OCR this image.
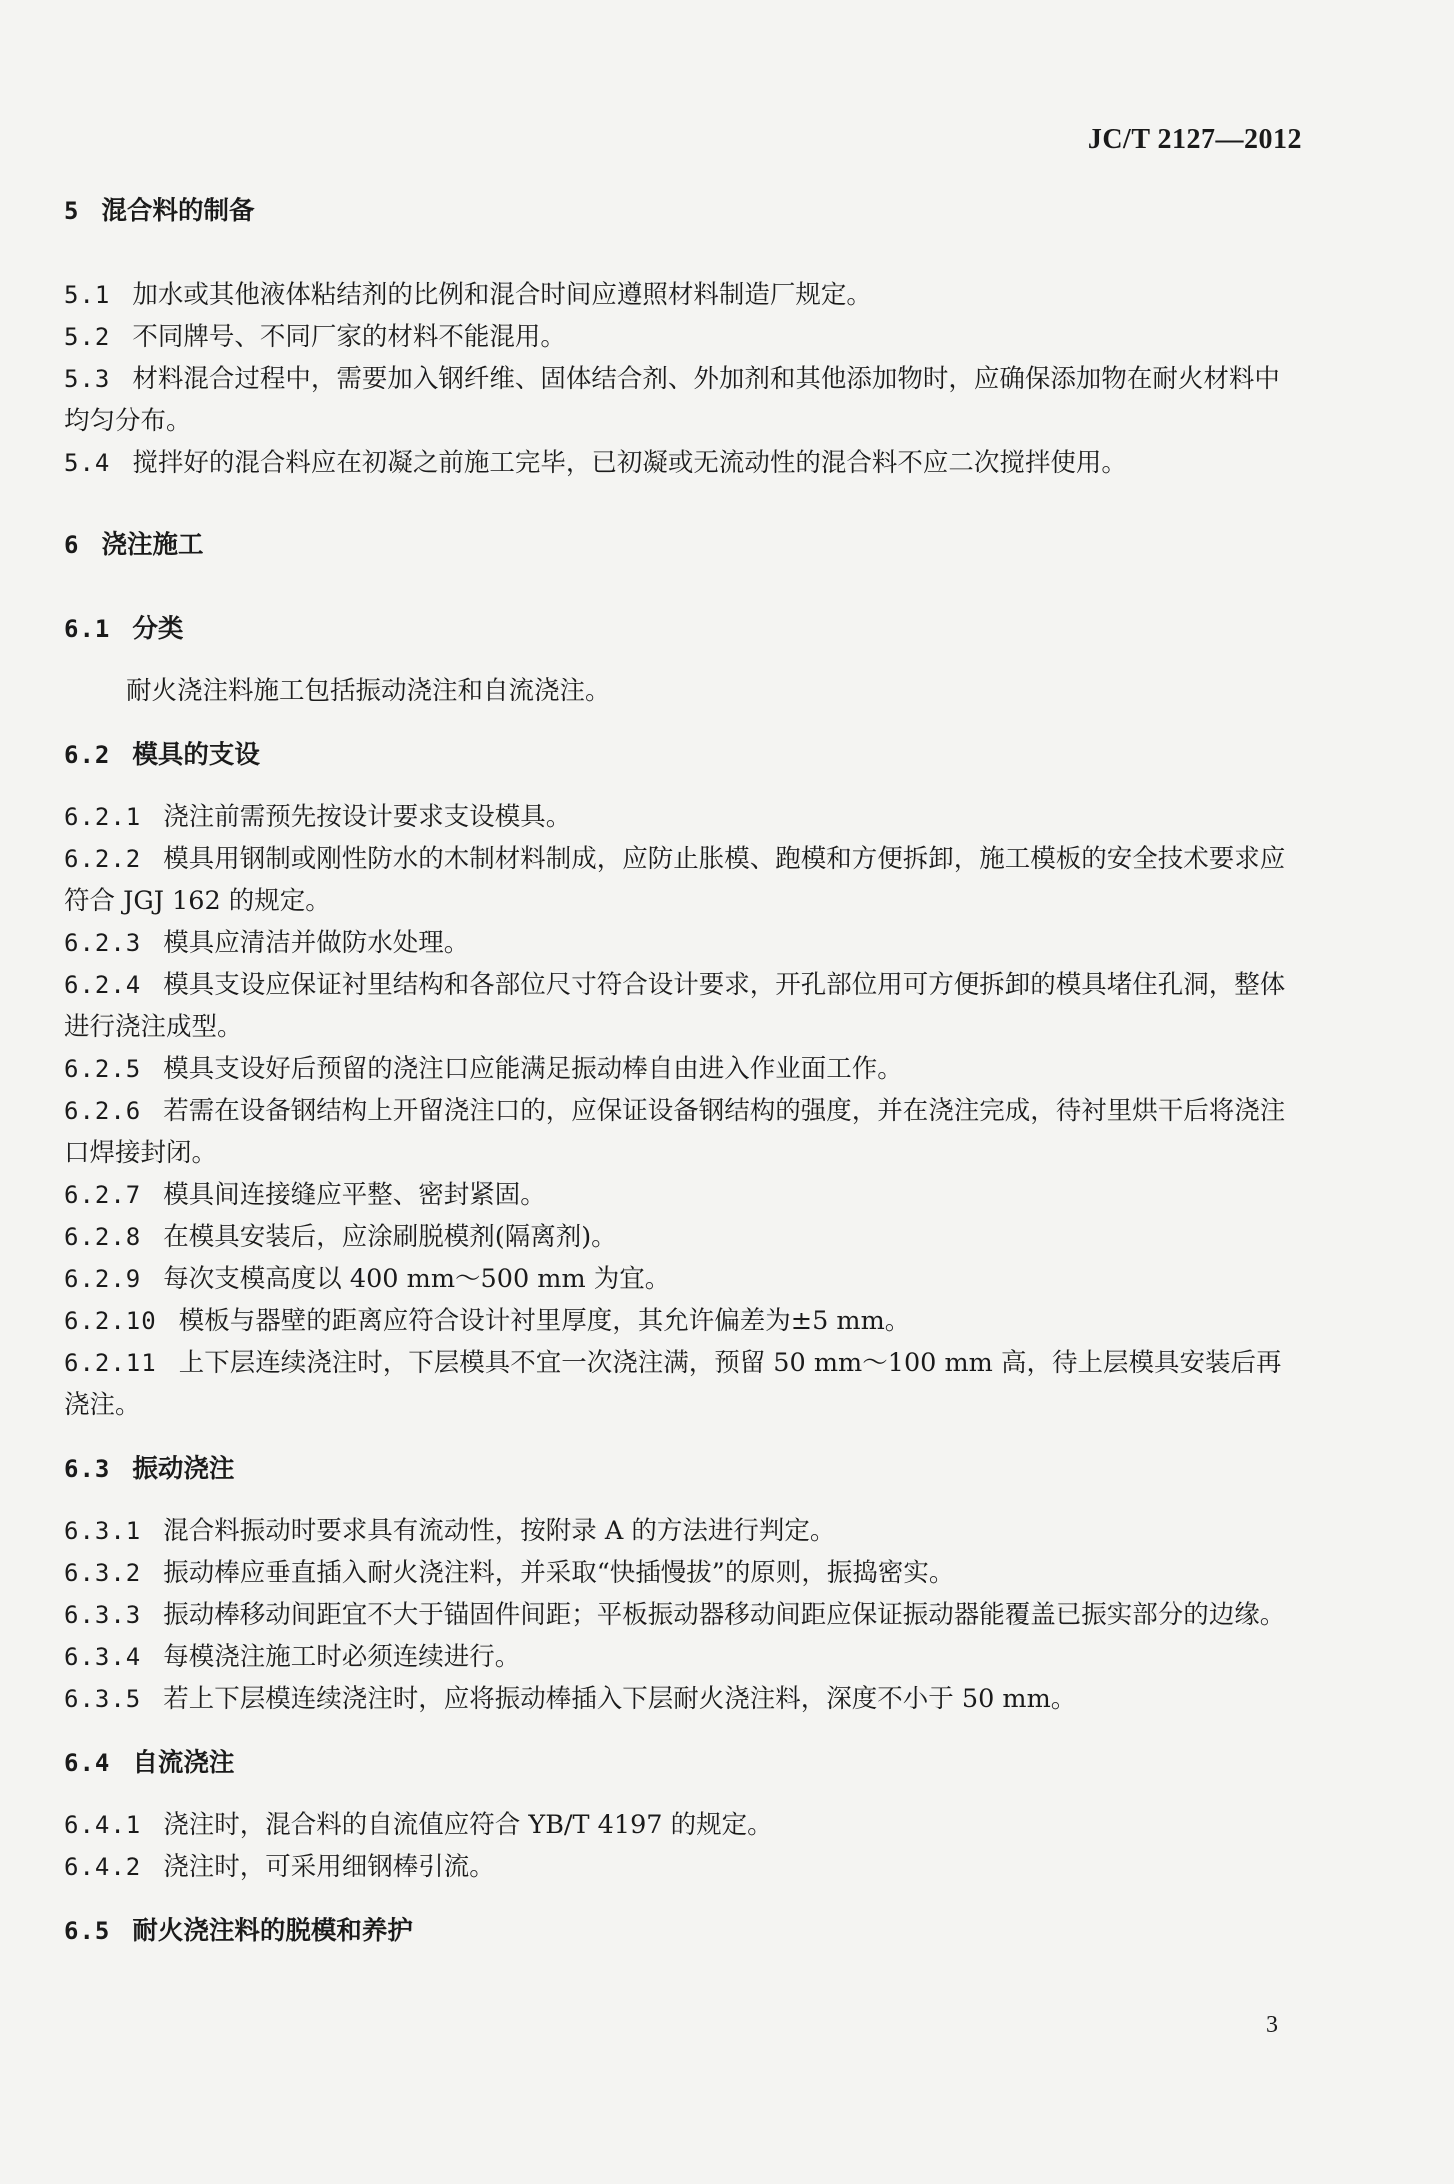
JC/T 2127—2012
5 混合料的制备
5.1 加水或其他液体粘结剂的比例和混合时间应遵照材料制造厂规定。
5.2 不同牌号、不同厂家的材料不能混用。
5.3 材料混合过程中，需要加入钢纤维、固体结合剂、外加剂和其他添加物时，应确保添加物在耐火材料中均匀分布。
5.4 搅拌好的混合料应在初凝之前施工完毕，已初凝或无流动性的混合料不应二次搅拌使用。
6 浇注施工
6.1 分类
耐火浇注料施工包括振动浇注和自流浇注。
6.2 模具的支设
6.2.1 浇注前需预先按设计要求支设模具。
6.2.2 模具用钢制或刚性防水的木制材料制成，应防止胀模、跑模和方便拆卸，施工模板的安全技术要求应符合 JGJ 162 的规定。
6.2.3 模具应清洁并做防水处理。
6.2.4 模具支设应保证衬里结构和各部位尺寸符合设计要求，开孔部位用可方便拆卸的模具堵住孔洞，整体进行浇注成型。
6.2.5 模具支设好后预留的浇注口应能满足振动棒自由进入作业面工作。
6.2.6 若需在设备钢结构上开留浇注口的，应保证设备钢结构的强度，并在浇注完成，待衬里烘干后将浇注口焊接封闭。
6.2.7 模具间连接缝应平整、密封紧固。
6.2.8 在模具安装后，应涂刷脱模剂(隔离剂)。
6.2.9 每次支模高度以 400 mm～500 mm 为宜。
6.2.10 模板与器壁的距离应符合设计衬里厚度，其允许偏差为±5 mm。
6.2.11 上下层连续浇注时，下层模具不宜一次浇注满，预留 50 mm～100 mm 高，待上层模具安装后再浇注。
6.3 振动浇注
6.3.1 混合料振动时要求具有流动性，按附录 A 的方法进行判定。
6.3.2 振动棒应垂直插入耐火浇注料，并采取“快插慢拔”的原则，振捣密实。
6.3.3 振动棒移动间距宜不大于锚固件间距；平板振动器移动间距应保证振动器能覆盖已振实部分的边缘。
6.3.4 每模浇注施工时必须连续进行。
6.3.5 若上下层模连续浇注时，应将振动棒插入下层耐火浇注料，深度不小于 50 mm。
6.4 自流浇注
6.4.1 浇注时，混合料的自流值应符合 YB/T 4197 的规定。
6.4.2 浇注时，可采用细钢棒引流。
6.5 耐火浇注料的脱模和养护
3
